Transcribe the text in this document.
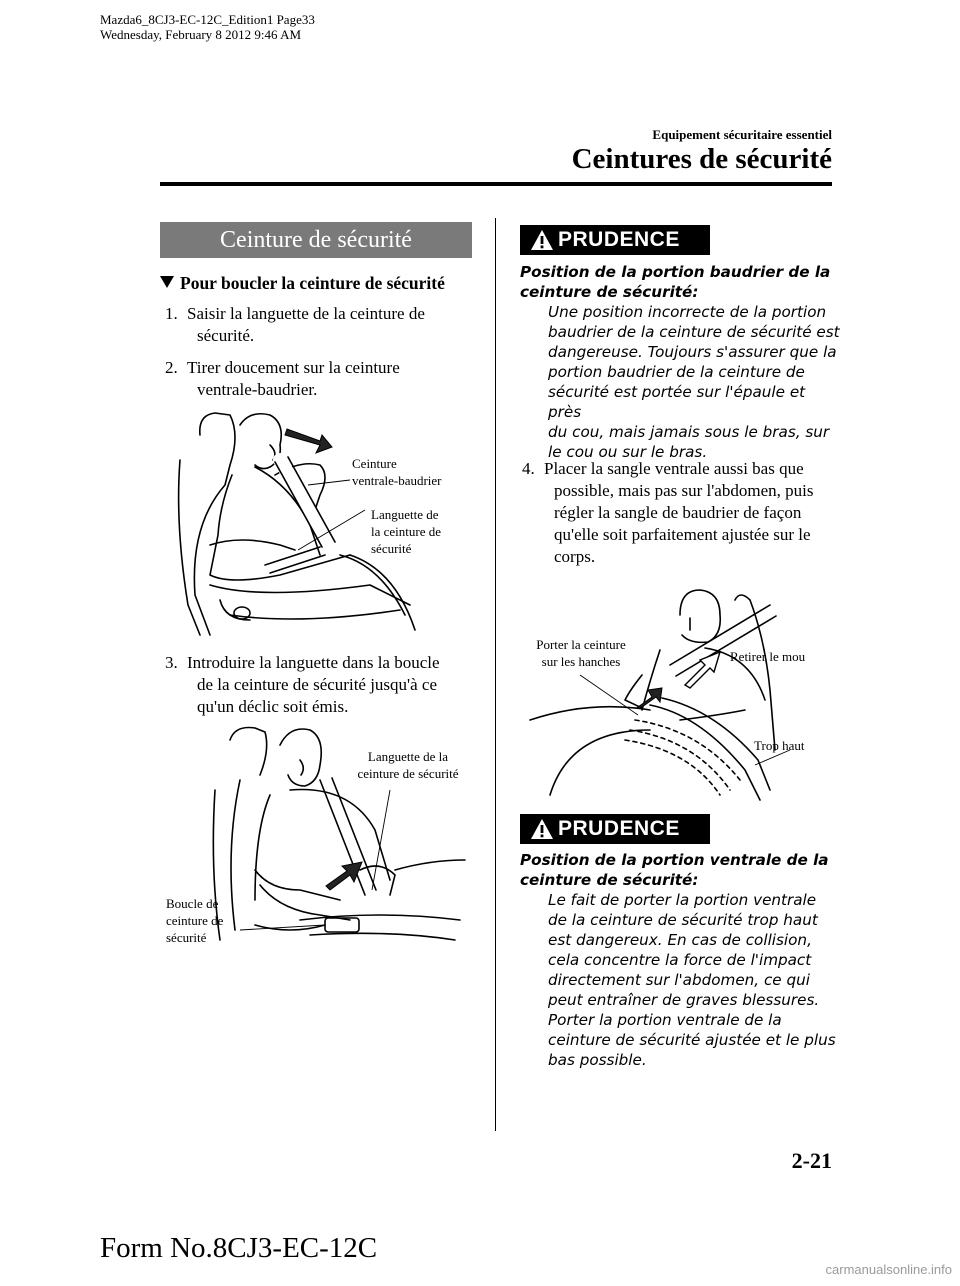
Mazda6_8CJ3-EC-12C_Edition1 Page33
Wednesday, February 8 2012 9:46 AM
Equipement sécuritaire essentiel
Ceintures de sécurité
Ceinture de sécurité
Pour boucler la ceinture de sécurité
1. Saisir la languette de la ceinture de
sécurité.
2. Tirer doucement sur la ceinture
ventrale-baudrier.
Ceinture
ventrale-baudrier
Languette de
la ceinture de
sécurité
3. Introduire la languette dans la boucle
de la ceinture de sécurité jusqu'à ce
qu'un déclic soit émis.
Languette de la
ceinture de sécurité
Boucle de
ceinture de
sécurité
PRUDENCE
Position de la portion baudrier de la
ceinture de sécurité:
Une position incorrecte de la portion
baudrier de la ceinture de sécurité est
dangereuse. Toujours s'assurer que la
portion baudrier de la ceinture de
sécurité est portée sur l'épaule et près
du cou, mais jamais sous le bras, sur
le cou ou sur le bras.
4. Placer la sangle ventrale aussi bas que
possible, mais pas sur l'abdomen, puis
régler la sangle de baudrier de façon
qu'elle soit parfaitement ajustée sur le
corps.
Porter la ceinture
sur les hanches	Retirer le mou
Trop haut
PRUDENCE
Position de la portion ventrale de la
ceinture de sécurité:
Le fait de porter la portion ventrale
de la ceinture de sécurité trop haut
est dangereux. En cas de collision,
cela concentre la force de l'impact
directement sur l'abdomen, ce qui
peut entraîner de graves blessures.
Porter la portion ventrale de la
ceinture de sécurité ajustée et le plus
bas possible.
2-21
Form No.8CJ3-EC-12C
carmanualsonline.info
